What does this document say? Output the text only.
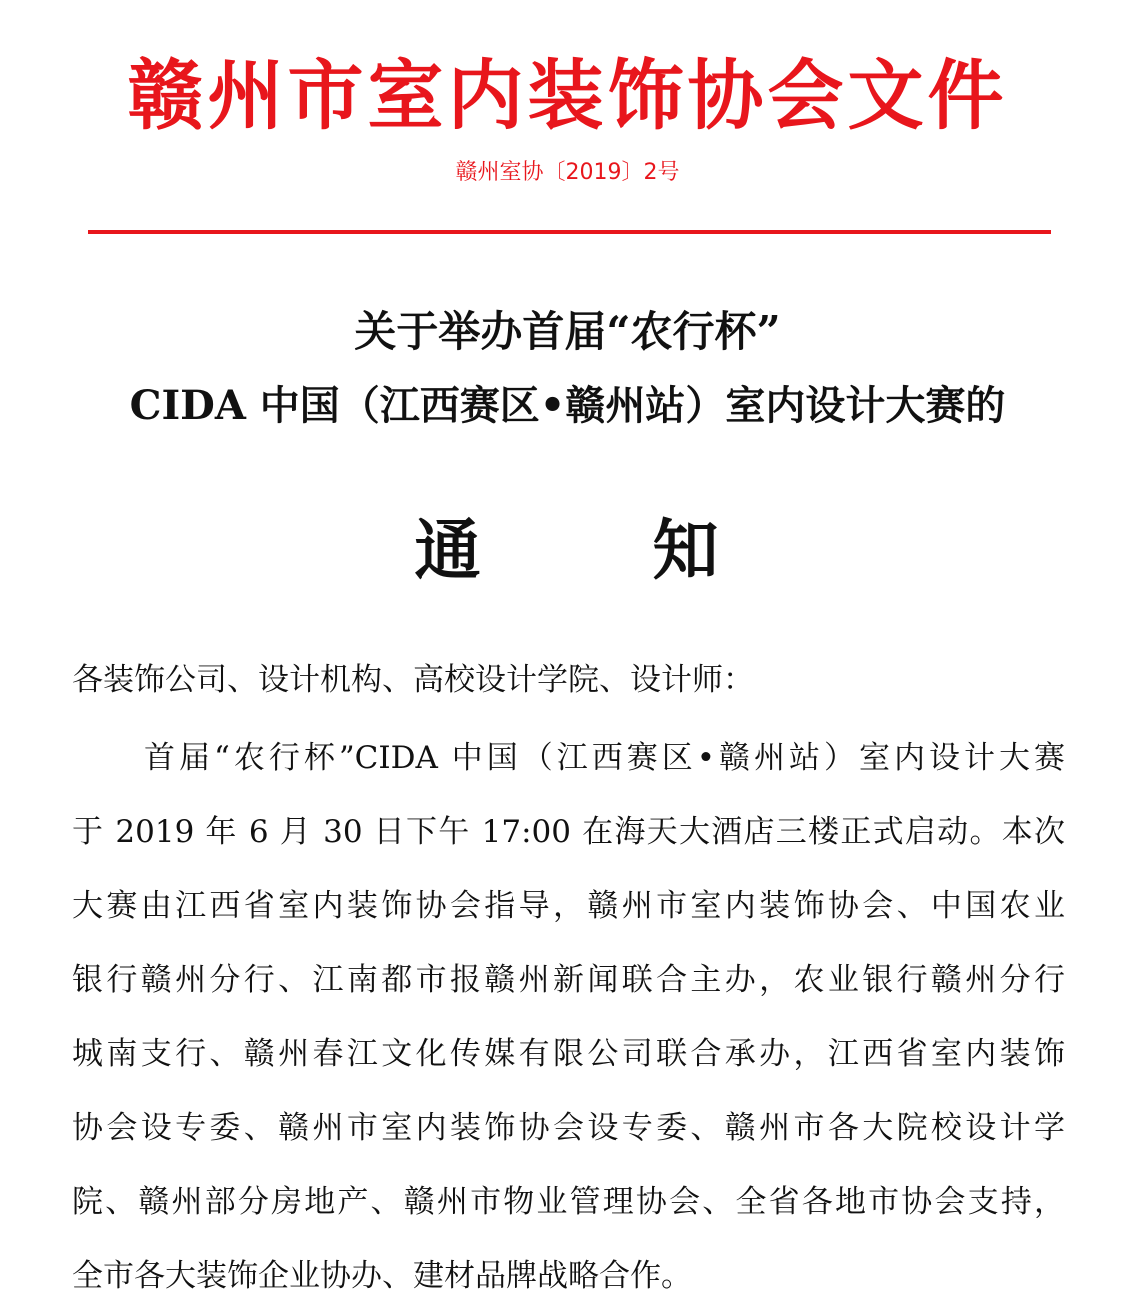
赣州市室内装饰协会文件
赣州室协〔2019〕2号
关于举办首届“农行杯”
CIDA 中国（江西赛区•赣州站）室内设计大赛的
通	知
各装饰公司、设计机构、高校设计学院、设计师：
首届“农行杯”CIDA 中国（江西赛区•赣州站）室内设计大赛
于 2019 年 6 月 30 日下午 17:00 在海天大酒店三楼正式启动。本次
大赛由江西省室内装饰协会指导，赣州市室内装饰协会、中国农业
银行赣州分行、江南都市报赣州新闻联合主办，农业银行赣州分行
城南支行、赣州春江文化传媒有限公司联合承办，江西省室内装饰
协会设专委、赣州市室内装饰协会设专委、赣州市各大院校设计学
院、赣州部分房地产、赣州市物业管理协会、全省各地市协会支持，
全市各大装饰企业协办、建材品牌战略合作。
